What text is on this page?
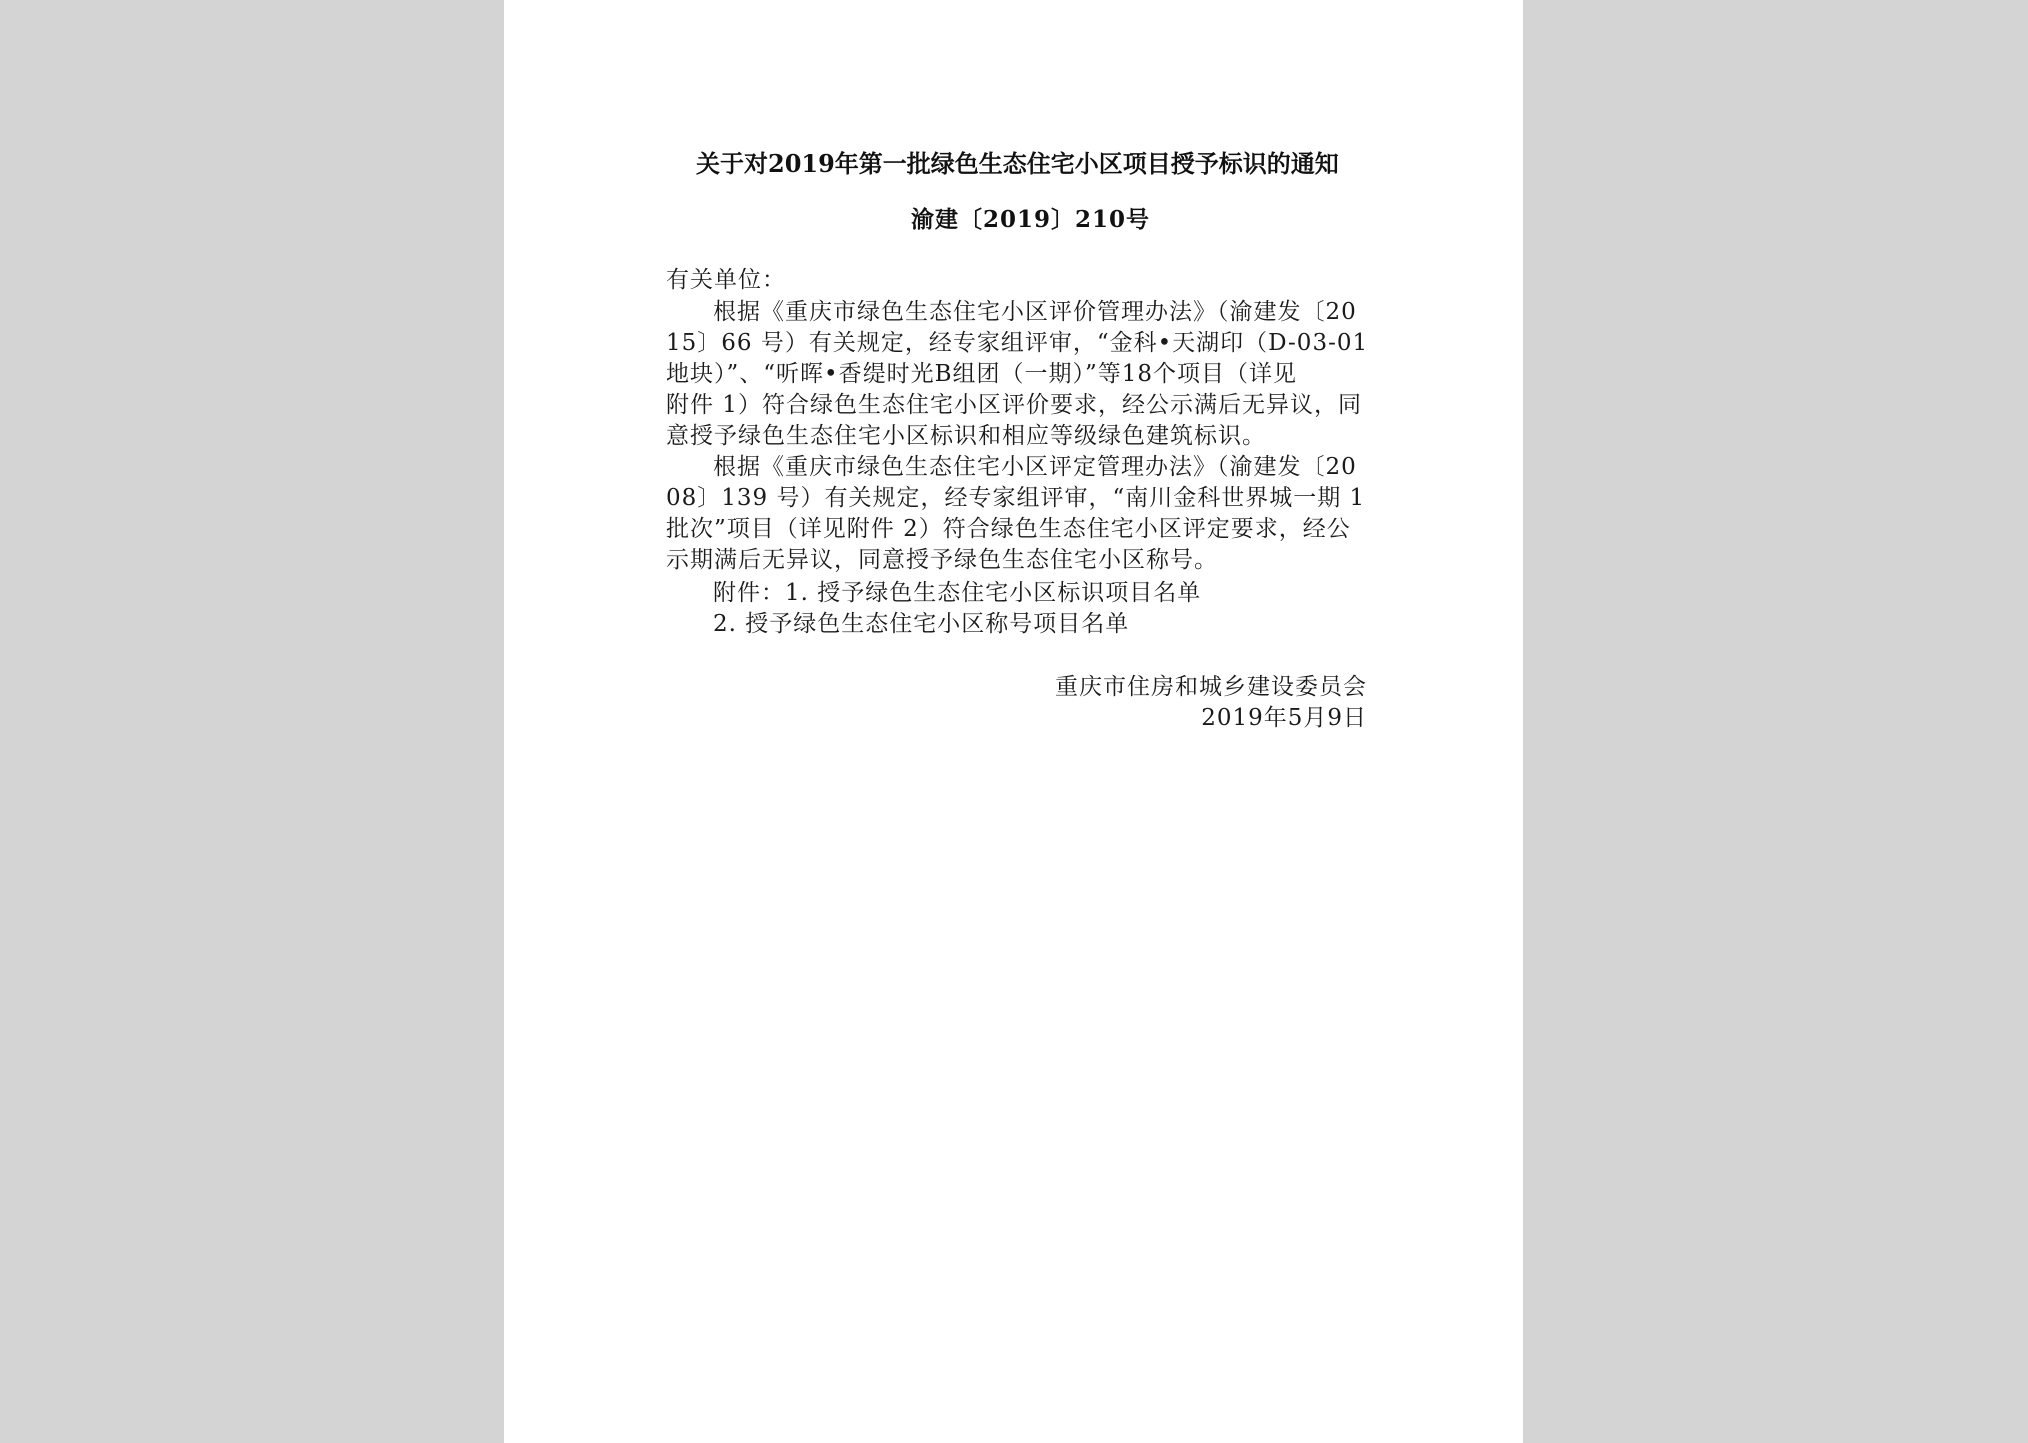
关于对2019年第一批绿色生态住宅小区项目授予标识的通知

渝建〔2019〕210号

有关单位：

根据《重庆市绿色生态住宅小区评价管理办法》（渝建发〔20

15〕66 号）有关规定，经专家组评审，“金科•天湖印（D-03-01

地块）”、“听晖•香缇时光B组团（一期）”等18个项目（详见

附件 1）符合绿色生态住宅小区评价要求，经公示满后无异议，同

意授予绿色生态住宅小区标识和相应等级绿色建筑标识。

根据《重庆市绿色生态住宅小区评定管理办法》（渝建发〔20

08〕139 号）有关规定，经专家组评审，“南川金科世界城一期 1

批次”项目（详见附件 2）符合绿色生态住宅小区评定要求，经公

示期满后无异议，同意授予绿色生态住宅小区称号。

附件：1. 授予绿色生态住宅小区标识项目名单

2. 授予绿色生态住宅小区称号项目名单

重庆市住房和城乡建设委员会

2019年5月9日
